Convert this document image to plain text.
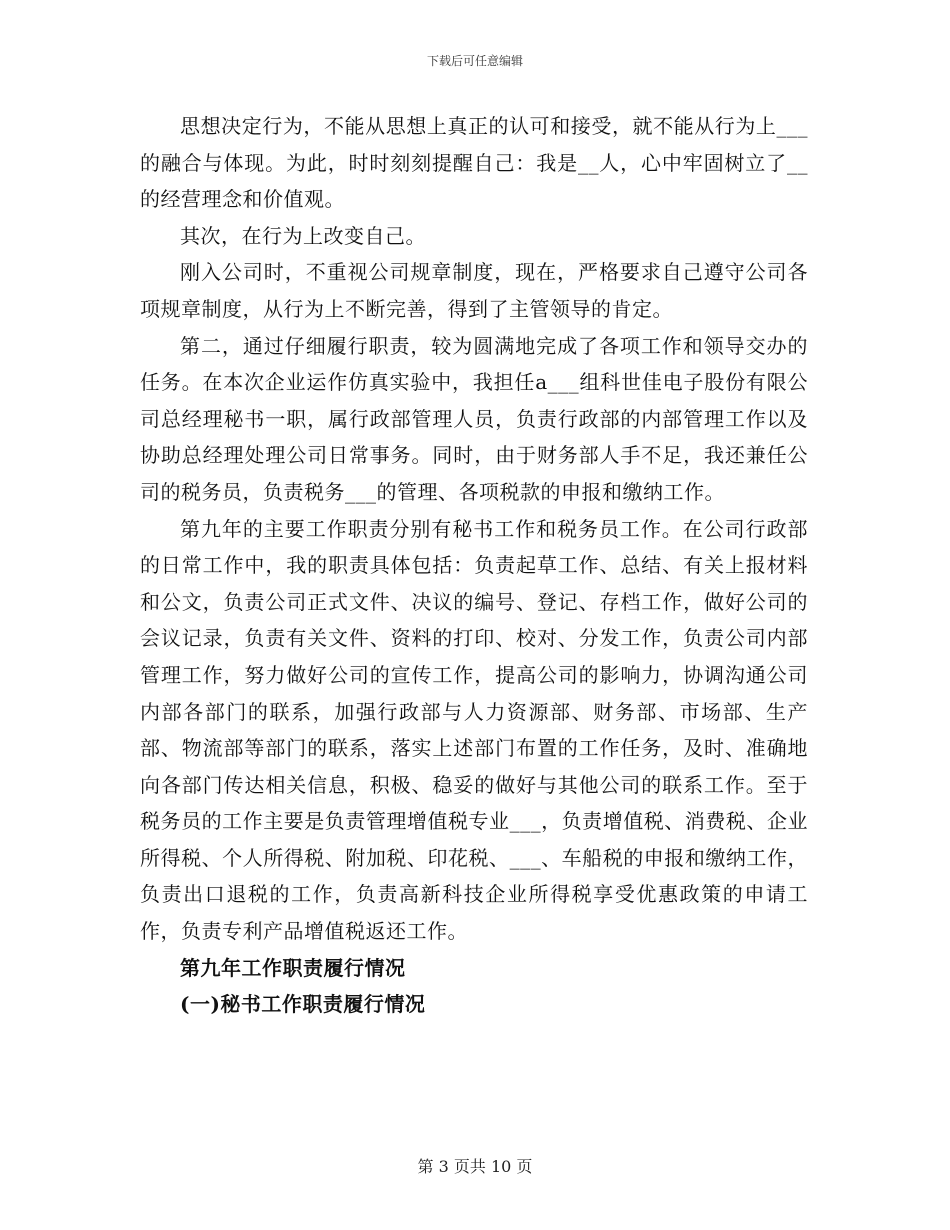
下载后可任意编辑

思想决定行为，不能从思想上真正的认可和接受，就不能从行为上___的融合与体现。为此，时时刻刻提醒自己：我是__人，心中牢固树立了__的经营理念和价值观。

其次，在行为上改变自己。

刚入公司时，不重视公司规章制度，现在，严格要求自己遵守公司各项规章制度，从行为上不断完善，得到了主管领导的肯定。

第二，通过仔细履行职责，较为圆满地完成了各项工作和领导交办的任务。在本次企业运作仿真实验中，我担任a___组科世佳电子股份有限公司总经理秘书一职，属行政部管理人员，负责行政部的内部管理工作以及协助总经理处理公司日常事务。同时，由于财务部人手不足，我还兼任公司的税务员，负责税务___的管理、各项税款的申报和缴纳工作。

第九年的主要工作职责分别有秘书工作和税务员工作。在公司行政部的日常工作中，我的职责具体包括：负责起草工作、总结、有关上报材料和公文，负责公司正式文件、决议的编号、登记、存档工作，做好公司的会议记录，负责有关文件、资料的打印、校对、分发工作，负责公司内部管理工作，努力做好公司的宣传工作，提高公司的影响力，协调沟通公司内部各部门的联系，加强行政部与人力资源部、财务部、市场部、生产部、物流部等部门的联系，落实上述部门布置的工作任务，及时、准确地向各部门传达相关信息，积极、稳妥的做好与其他公司的联系工作。至于税务员的工作主要是负责管理增值税专业___，负责增值税、消费税、企业所得税、个人所得税、附加税、印花税、___、车船税的申报和缴纳工作，负责出口退税的工作，负责高新科技企业所得税享受优惠政策的申请工作，负责专利产品增值税返还工作。

第九年工作职责履行情况

(一)秘书工作职责履行情况

第 3 页共 10 页
